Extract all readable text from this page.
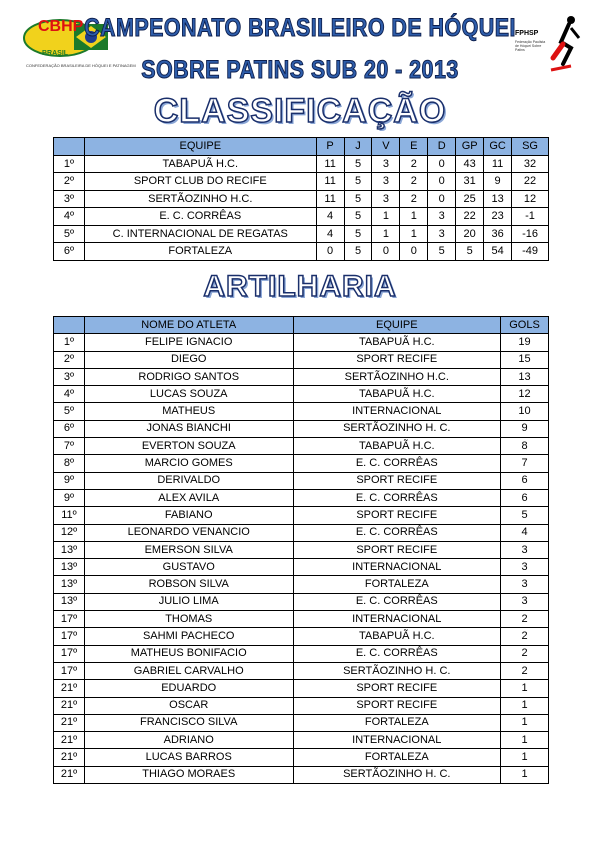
CBHP
BRASIL
CONFEDERAÇÃO BRASILEIRA DE HÓQUEI E PATINAGEM
FPHSP
Federação Paulista de Hóquei Sobre Patins
CAMPEONATO BRASILEIRO DE HÓQUEI
SOBRE PATINS SUB 20 - 2013
CLASSIFICAÇÃO
	EQUIPE	P	J	V	E	D	GP	GC	SG
1º	TABAPUÃ H.C.	11	5	3	2	0	43	11	32
2º	SPORT CLUB DO RECIFE	11	5	3	2	0	31	9	22
3º	SERTÃOZINHO H.C.	11	5	3	2	0	25	13	12
4º	E. C. CORRÊAS	4	5	1	1	3	22	23	-1
5º	C. INTERNACIONAL DE REGATAS	4	5	1	1	3	20	36	-16
6º	FORTALEZA	0	5	0	0	5	5	54	-49
ARTILHARIA
	NOME DO ATLETA	EQUIPE	GOLS
1º	FELIPE IGNACIO	TABAPUÃ H.C.	19
2º	DIEGO	SPORT RECIFE	15
3º	RODRIGO SANTOS	SERTÃOZINHO H.C.	13
4º	LUCAS SOUZA	TABAPUÃ H.C.	12
5º	MATHEUS	INTERNACIONAL	10
6º	JONAS BIANCHI	SERTÃOZINHO H. C.	9
7º	EVERTON SOUZA	TABAPUÃ H.C.	8
8º	MARCIO GOMES	E. C. CORRÊAS	7
9º	DERIVALDO	SPORT RECIFE	6
9º	ALEX AVILA	E. C. CORRÊAS	6
11º	FABIANO	SPORT RECIFE	5
12º	LEONARDO VENANCIO	E. C. CORRÊAS	4
13º	EMERSON SILVA	SPORT RECIFE	3
13º	GUSTAVO	INTERNACIONAL	3
13º	ROBSON SILVA	FORTALEZA	3
13º	JULIO LIMA	E. C. CORRÊAS	3
17º	THOMAS	INTERNACIONAL	2
17º	SAHMI PACHECO	TABAPUÃ H.C.	2
17º	MATHEUS BONIFACIO	E. C. CORRÊAS	2
17º	GABRIEL CARVALHO	SERTÃOZINHO H. C.	2
21º	EDUARDO	SPORT RECIFE	1
21º	OSCAR	SPORT RECIFE	1
21º	FRANCISCO SILVA	FORTALEZA	1
21º	ADRIANO	INTERNACIONAL	1
21º	LUCAS BARROS	FORTALEZA	1
21º	THIAGO MORAES	SERTÃOZINHO H. C.	1
